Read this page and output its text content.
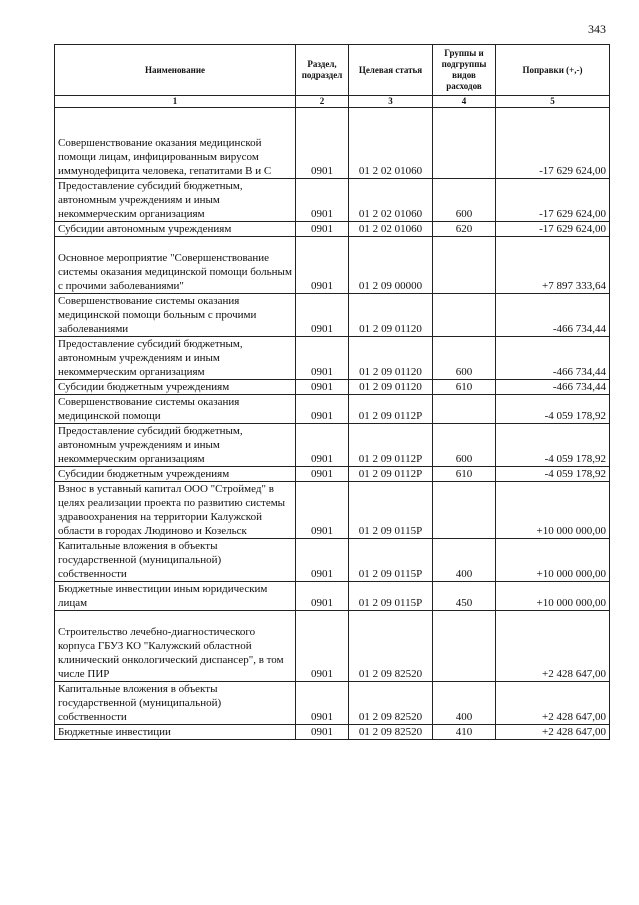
343
Наименование	Раздел, подраздел	Целевая статья	Группы и подгруппы видов расходов	Поправки (+,-)
1	2	3	4	5

Совершенствование оказания медицинской помощи лицам, инфицированным вирусом иммунодефицита человека, гепатитами В и С	0901	01 2 02 01060		-17 629 624,00
Предоставление субсидий бюджетным, автономным учреждениям и иным некоммерческим организациям	0901	01 2 02 01060	600	-17 629 624,00
Субсидии автономным учреждениям	0901	01 2 02 01060	620	-17 629 624,00

Основное мероприятие "Совершенствование системы оказания медицинской помощи больным с прочими заболеваниями"	0901	01 2 09 00000		+7 897 333,64
Совершенствование системы оказания медицинской помощи больным с прочими заболеваниями	0901	01 2 09 01120		-466 734,44
Предоставление субсидий бюджетным, автономным учреждениям и иным некоммерческим организациям	0901	01 2 09 01120	600	-466 734,44
Субсидии бюджетным учреждениям	0901	01 2 09 01120	610	-466 734,44
Совершенствование системы оказания медицинской помощи	0901	01 2 09 0112Р		-4 059 178,92
Предоставление субсидий бюджетным, автономным учреждениям и иным некоммерческим организациям	0901	01 2 09 0112Р	600	-4 059 178,92
Субсидии бюджетным учреждениям	0901	01 2 09 0112Р	610	-4 059 178,92
Взнос в уставный капитал ООО "Строймед" в целях реализации проекта по развитию системы здравоохранения на территории Калужской области в городах Людиново и Козельск	0901	01 2 09 0115Р		+10 000 000,00
Капитальные вложения в объекты государственной (муниципальной) собственности	0901	01 2 09 0115Р	400	+10 000 000,00
Бюджетные инвестиции иным юридическим лицам	0901	01 2 09 0115Р	450	+10 000 000,00

Строительство лечебно-диагностического корпуса ГБУЗ КО "Калужский областной клинический онкологический диспансер", в том числе ПИР	0901	01 2 09 82520		+2 428 647,00
Капитальные вложения в объекты государственной (муниципальной) собственности	0901	01 2 09 82520	400	+2 428 647,00
Бюджетные инвестиции	0901	01 2 09 82520	410	+2 428 647,00
